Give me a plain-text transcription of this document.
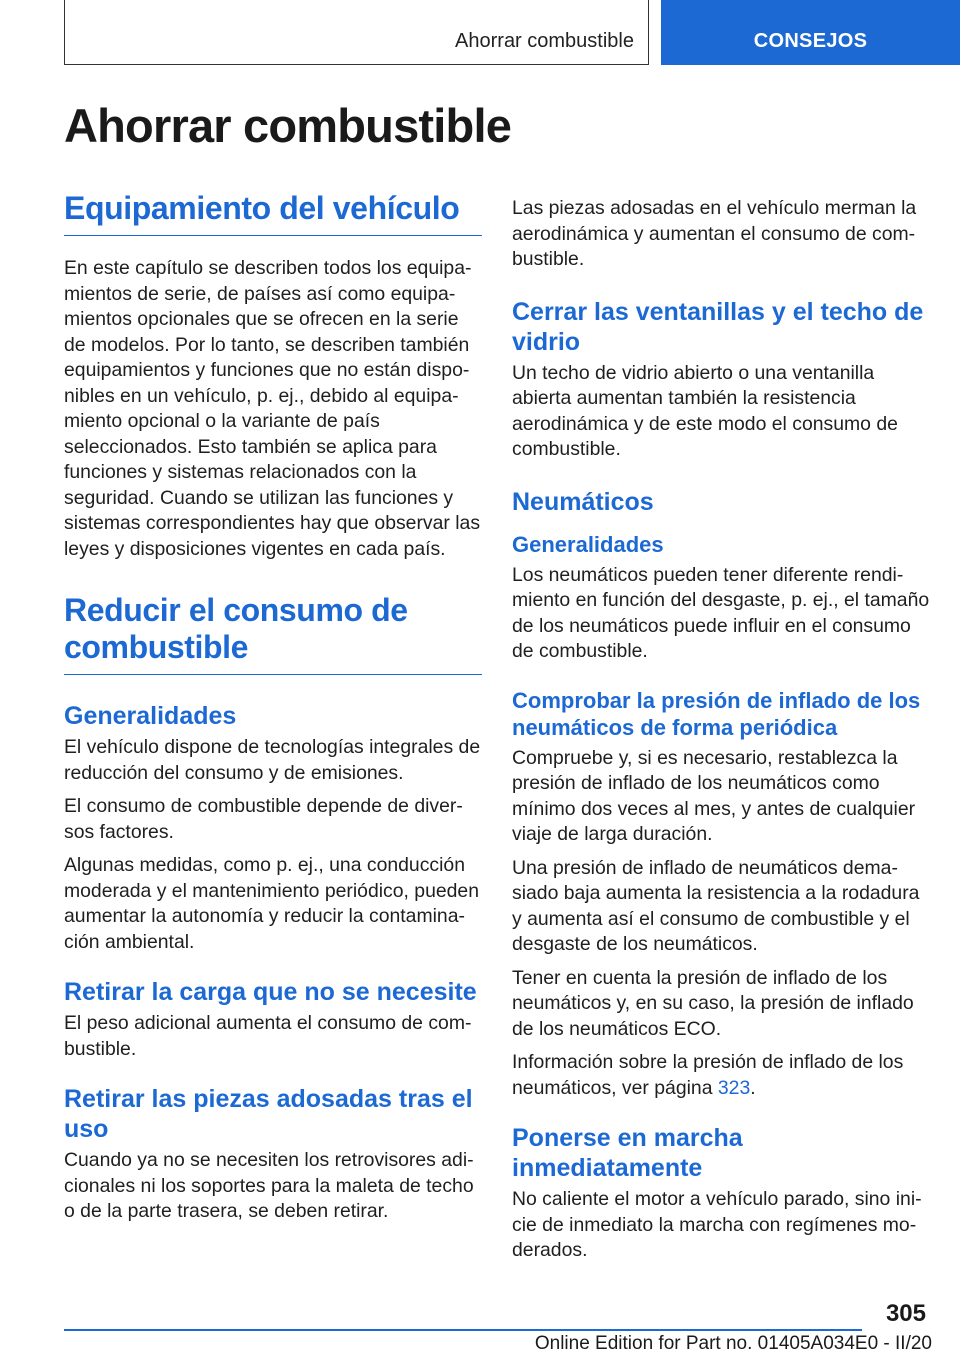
Ahorrar combustible	CONSEJOS
Ahorrar combustible
Equipamiento del vehículo

En este capítulo se describen todos los equipamientos de serie, de países así como equipamientos opcionales que se ofrecen en la serie de modelos. Por lo tanto, se describen también equipamientos y funciones que no están disponibles en un vehículo, p. ej., debido al equipamiento opcional o la variante de país seleccionados. Esto también se aplica para funciones y sistemas relacionados con la seguridad. Cuando se utilizan las funciones y sistemas correspondientes hay que observar las leyes y disposiciones vigentes en cada país.

Reducir el consumo de combustible
Generalidades

El vehículo dispone de tecnologías integrales de reducción del consumo y de emisiones.

El consumo de combustible depende de diversos factores.

Algunas medidas, como p. ej., una conducción moderada y el mantenimiento periódico, pueden aumentar la autonomía y reducir la contaminación ambiental.

Retirar la carga que no se necesite

El peso adicional aumenta el consumo de combustible.

Retirar las piezas adosadas tras el uso

Cuando ya no se necesiten los retrovisores adicionales ni los soportes para la maleta de techo o de la parte trasera, se deben retirar.

Las piezas adosadas en el vehículo merman la aerodinámica y aumentan el consumo de combustible.

Cerrar las ventanillas y el techo de vidrio

Un techo de vidrio abierto o una ventanilla abierta aumentan también la resistencia aerodinámica y de este modo el consumo de combustible.

Neumáticos
Generalidades

Los neumáticos pueden tener diferente rendimiento en función del desgaste, p. ej., el tamaño de los neumáticos puede influir en el consumo de combustible.

Comprobar la presión de inflado de los neumáticos de forma periódica

Compruebe y, si es necesario, restablezca la presión de inflado de los neumáticos como mínimo dos veces al mes, y antes de cualquier viaje de larga duración.

Una presión de inflado de neumáticos demasiado baja aumenta la resistencia a la rodadura y aumenta así el consumo de combustible y el desgaste de los neumáticos.

Tener en cuenta la presión de inflado de los neumáticos y, en su caso, la presión de inflado de los neumáticos ECO.

Información sobre la presión de inflado de los neumáticos, ver página 323.

Ponerse en marcha inmediatamente

No caliente el motor a vehículo parado, sino inicie de inmediato la marcha con regímenes moderados.

305
Online Edition for Part no. 01405A034E0 - II/20
